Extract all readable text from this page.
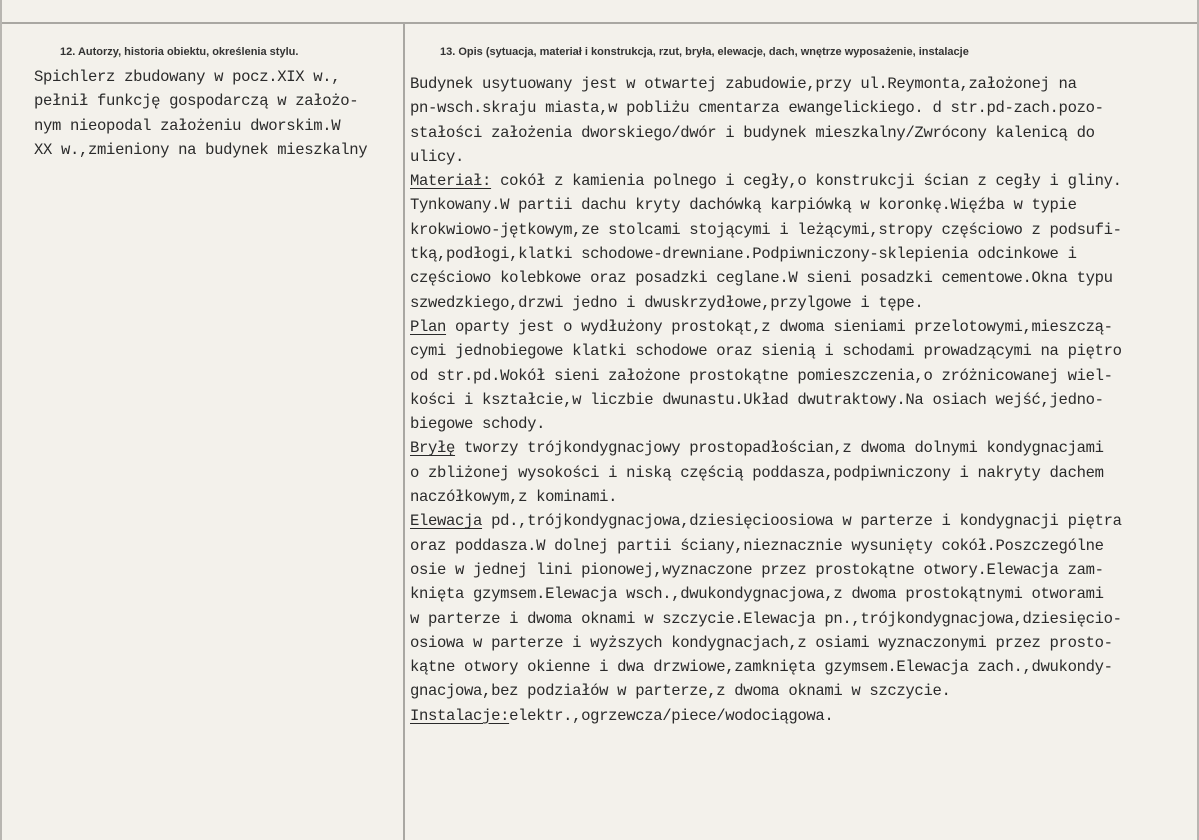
12. Autorzy, historia obiektu, określenia stylu.	13. Opis (sytuacja, materiał i konstrukcja, rzut, bryła, elewacje, dach, wnętrze wyposażenie, instalacje
Spichlerz zbudowany w pocz.XIX w.,
pełnił funkcję gospodarczą w założo-
nym nieopodal założeniu dworskim.W
XX w.,zmieniony na budynek mieszkalny
Budynek usytuowany jest w otwartej zabudowie,przy ul.Reymonta,założonej na
pn-wsch.skraju miasta,w pobliżu cmentarza ewangelickiego. d str.pd-zach.pozo-
stałości założenia dworskiego/dwór i budynek mieszkalny/Zwrócony kalenicą do
ulicy.
Materiał: cokół z kamienia polnego i cegły,o konstrukcji ścian z cegły i gliny.
Tynkowany.W partii dachu kryty dachówką karpiówką w koronkę.Więźba w typie
krokwiowo-jętkowym,ze stolcami stojącymi i leżącymi,stropy częściowo z podsufi-
tką,podłogi,klatki schodowe-drewniane.Podpiwniczony-sklepienia odcinkowe i
częściowo kolebkowe oraz posadzki ceglane.W sieni posadzki cementowe.Okna typu
szwedzkiego,drzwi jedno i dwuskrzydłowe,przylgowe i tępe.
Plan oparty jest o wydłużony prostokąt,z dwoma sieniami przelotowymi,mieszczą-
cymi jednobiegowe klatki schodowe oraz sienią i schodami prowadzącymi na piętro
od str.pd.Wokół sieni założone prostokątne pomieszczenia,o zróżnicowanej wiel-
kości i kształcie,w liczbie dwunastu.Układ dwutraktowy.Na osiach wejść,jedno-
biegowe schody.
Bryłę tworzy trójkondygnacjowy prostopadłościan,z dwoma dolnymi kondygnacjami
o zbliżonej wysokości i niską częścią poddasza,podpiwniczony i nakryty dachem
naczółkowym,z kominami.
Elewacja pd.,trójkondygnacjowa,dziesięcioosiowa w parterze i kondygnacji piętra
oraz poddasza.W dolnej partii ściany,nieznacznie wysunięty cokół.Poszczególne
osie w jednej lini pionowej,wyznaczone przez prostokątne otwory.Elewacja zam-
knięta gzymsem.Elewacja wsch.,dwukondygnacjowa,z dwoma prostokątnymi otworami
w parterze i dwoma oknami w szczycie.Elewacja pn.,trójkondygnacjowa,dziesięcio-
osiowa w parterze i wyższych kondygnacjach,z osiami wyznaczonymi przez prosto-
kątne otwory okienne i dwa drzwiowe,zamknięta gzymsem.Elewacja zach.,dwukondy-
gnacjowa,bez podziałów w parterze,z dwoma oknami w szczycie.
Instalacje:elektr.,ogrzewcza/piece/wodociągowa.
